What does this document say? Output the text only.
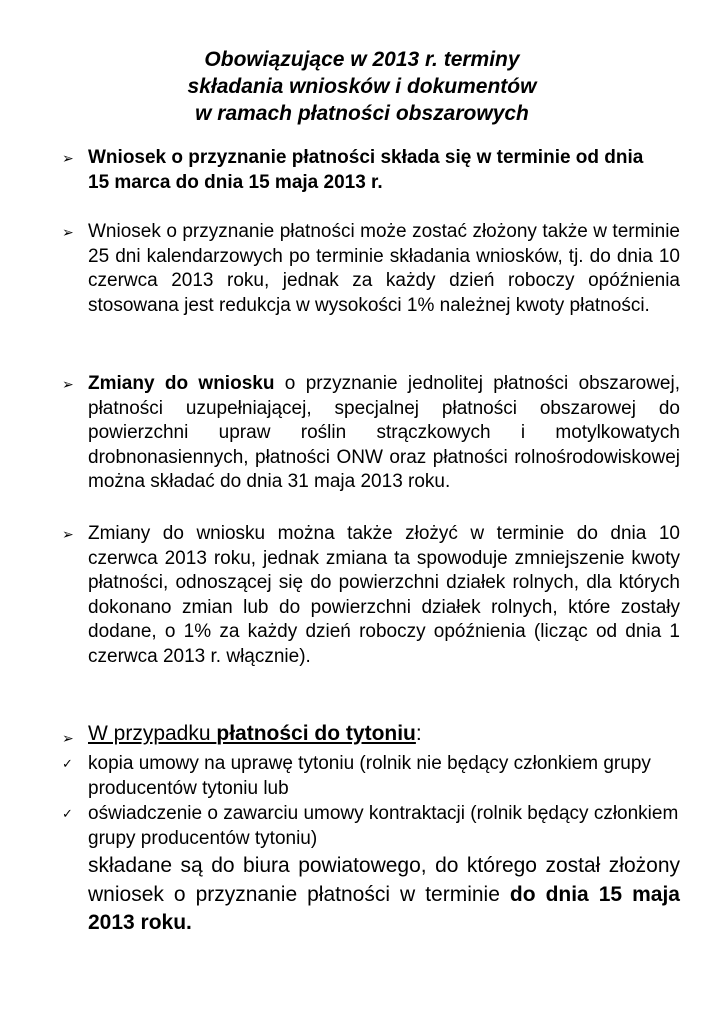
Obowiązujące w 2013 r. terminy
składania wniosków i dokumentów
w ramach płatności obszarowych
➢ Wniosek o przyznanie płatności składa się w terminie od dnia
15 marca do dnia 15 maja 2013 r.
➢ Wniosek o przyznanie płatności może zostać złożony także w terminie 25 dni kalendarzowych po terminie składania wniosków, tj. do dnia 10 czerwca 2013 roku, jednak za każdy dzień roboczy opóźnienia stosowana jest redukcja w wysokości 1% należnej kwoty płatności.
➢ Zmiany do wniosku o przyznanie jednolitej płatności obszarowej, płatności uzupełniającej, specjalnej płatności obszarowej do powierzchni upraw roślin strączkowych i motylkowatych drobnonasiennych, płatności ONW oraz płatności rolnośrodowiskowej można składać do dnia 31 maja 2013 roku.
➢ Zmiany do wniosku można także złożyć w terminie do dnia 10 czerwca 2013 roku, jednak zmiana ta spowoduje zmniejszenie kwoty płatności, odnoszącej się do powierzchni działek rolnych, dla których dokonano zmian lub do powierzchni działek rolnych, które zostały dodane, o 1% za każdy dzień roboczy opóźnienia (licząc od dnia 1 czerwca 2013 r. włącznie).
➢ W przypadku płatności do tytoniu:
✓ kopia umowy na uprawę tytoniu (rolnik nie będący członkiem grupy producentów tytoniu lub
✓ oświadczenie o zawarciu umowy kontraktacji (rolnik będący członkiem grupy producentów tytoniu)
składane są do biura powiatowego, do którego został złożony wniosek o przyznanie płatności w terminie do dnia 15 maja 2013 roku.
